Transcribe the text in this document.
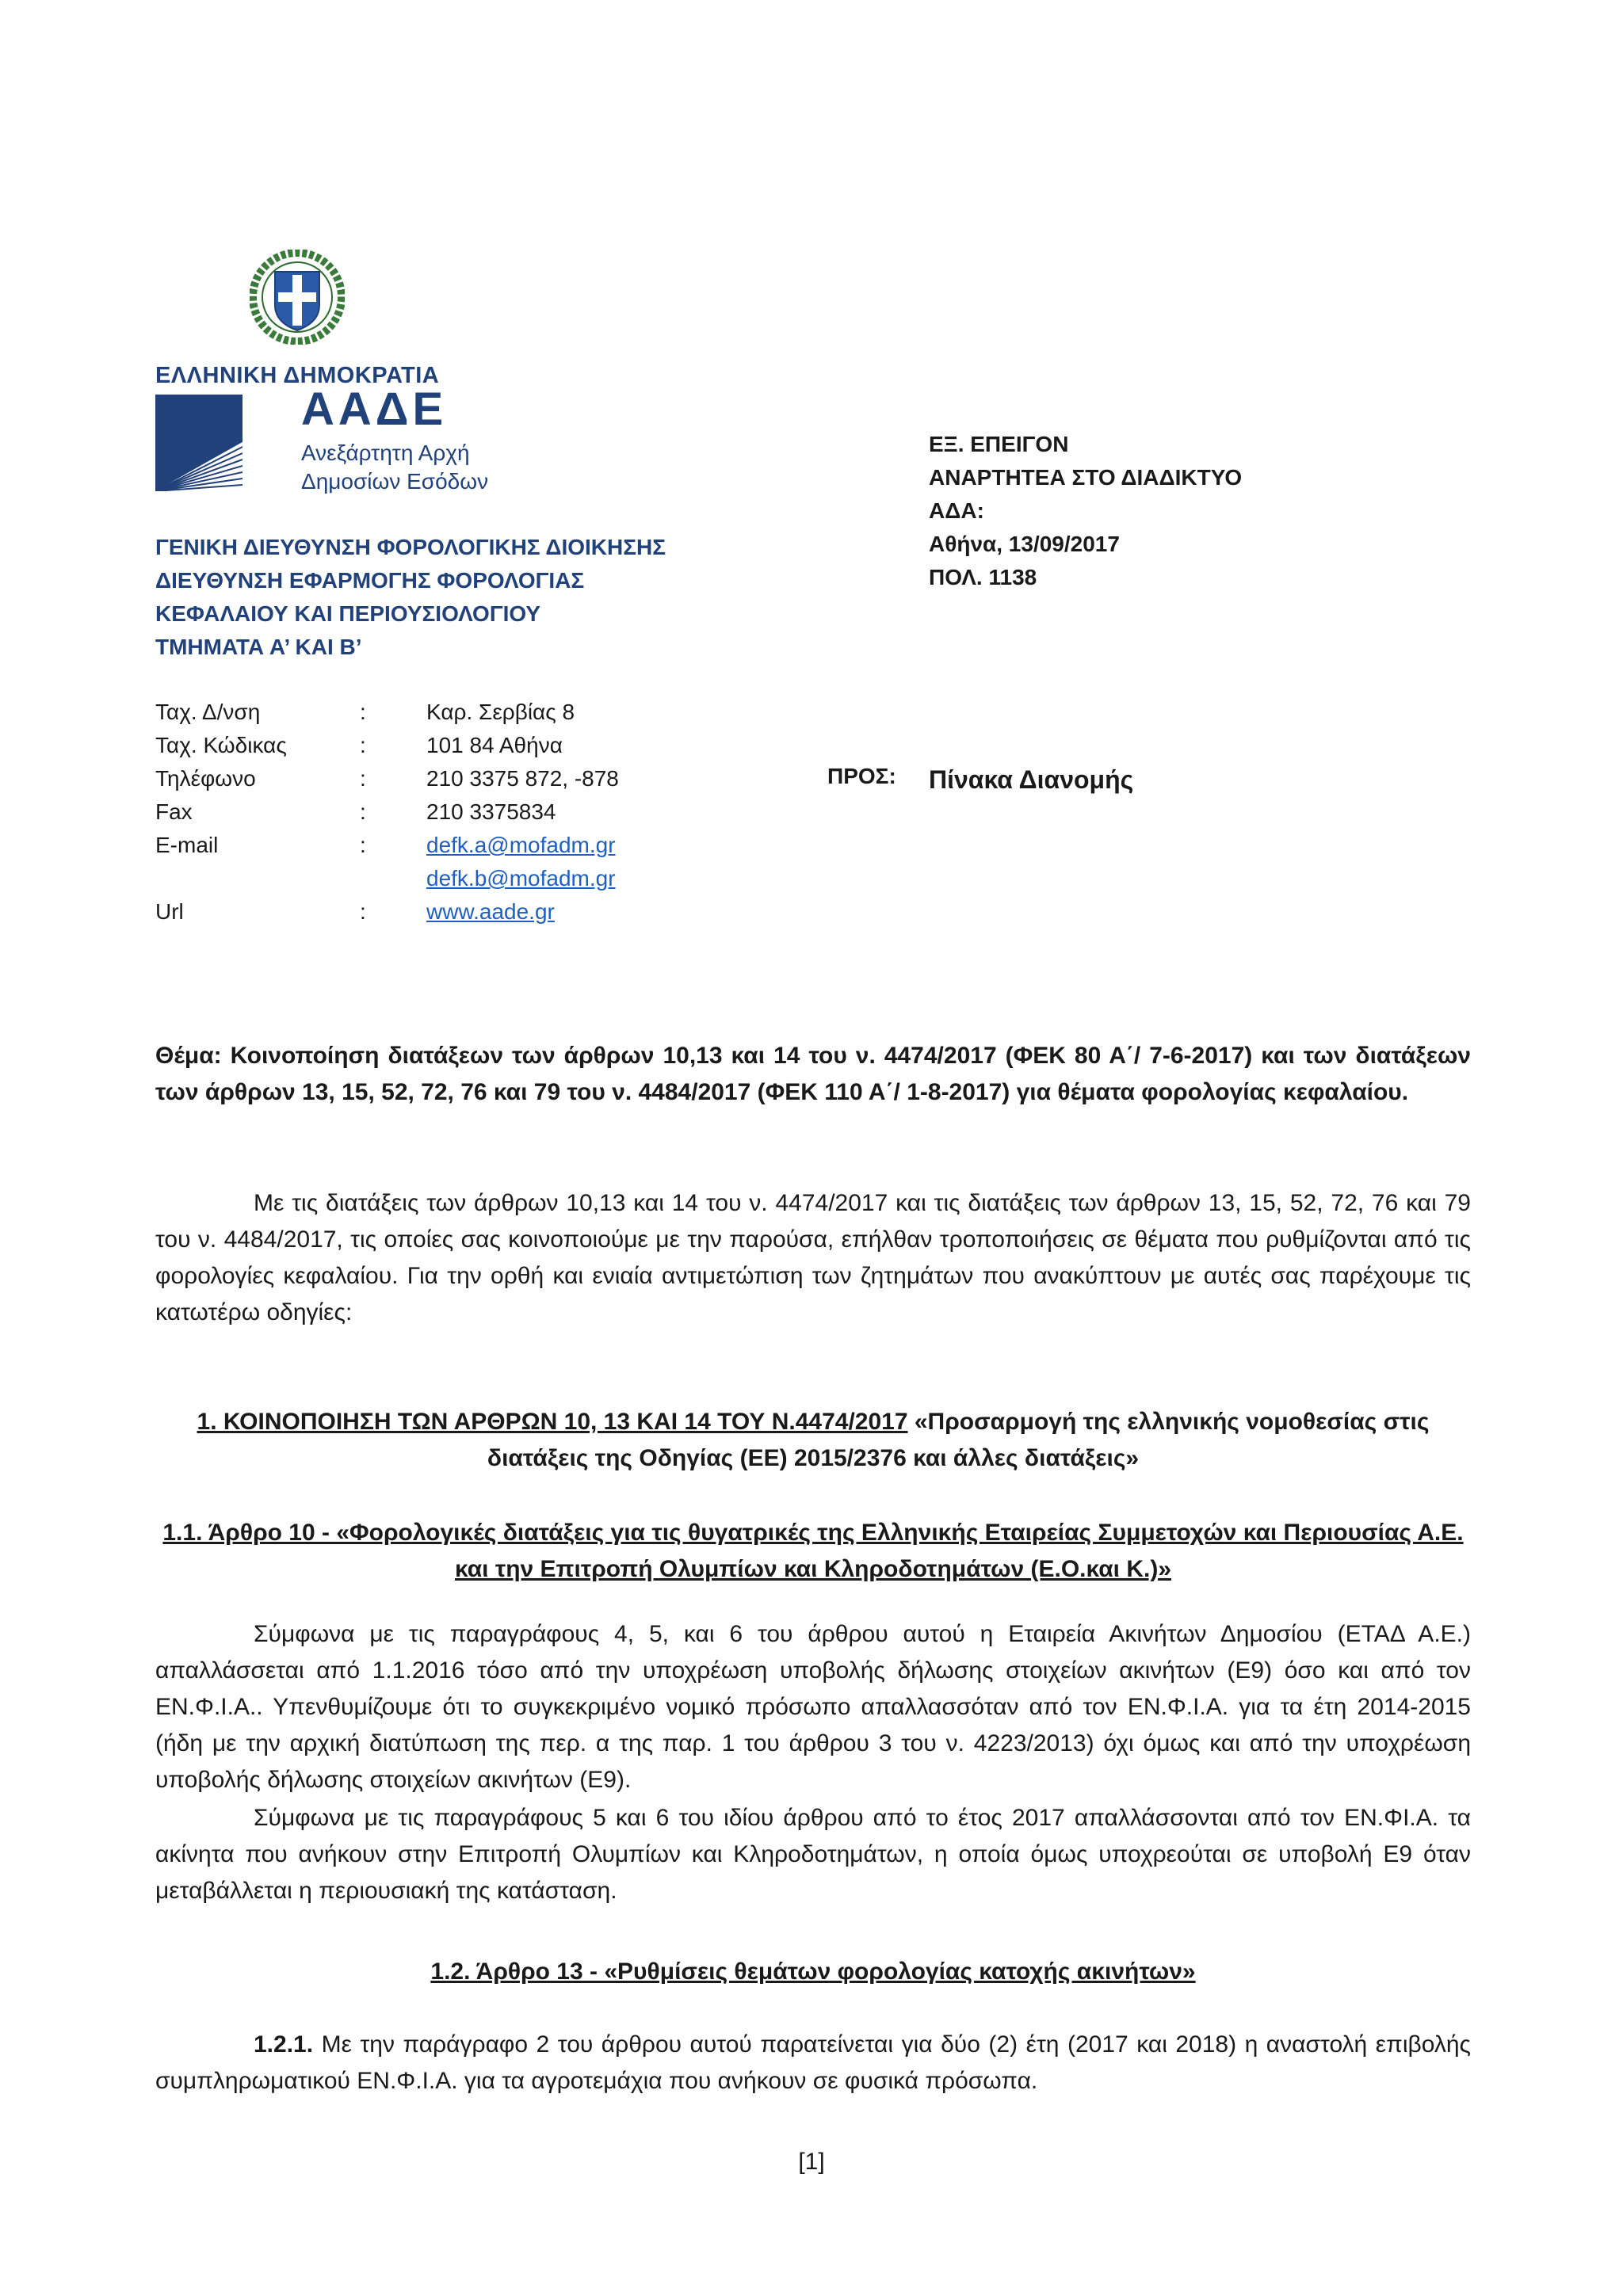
ΕΛΛΗΝΙΚΗ ΔΗΜΟΚΡΑΤΙΑ
ΑΑΔΕ
Ανεξάρτητη Αρχή
Δημοσίων Εσόδων
ΓΕΝΙΚΗ ΔΙΕΥΘΥΝΣΗ ΦΟΡΟΛΟΓΙΚΗΣ ΔΙΟΙΚΗΣΗΣ
ΔΙΕΥΘΥΝΣΗ ΕΦΑΡΜΟΓΗΣ ΦΟΡΟΛΟΓΙΑΣ
ΚΕΦΑΛΑΙΟΥ ΚΑΙ ΠΕΡΙΟΥΣΙΟΛΟΓΙΟΥ
ΤΜΗΜΑΤΑ Α’ ΚΑΙ Β’
ΕΞ. ΕΠΕΙΓΟΝ
ΑΝΑΡΤΗΤΕΑ ΣΤΟ ΔΙΑΔΙΚΤΥΟ
ΑΔΑ:
Αθήνα, 13/09/2017
ΠΟΛ. 1138
Ταχ. Δ/νση	:	Καρ. Σερβίας 8
Ταχ. Κώδικας	:	101 84 Αθήνα
Τηλέφωνο	:	210 3375 872, -878
Fax	:	210 3375834
E-mail	:	defk.a@mofadm.gr
defk.b@mofadm.gr
Url	:	www.aade.gr
ΠΡΟΣ: Πίνακα Διανομής
Θέμα: Κοινοποίηση διατάξεων των άρθρων 10,13 και 14 του ν. 4474/2017 (ΦΕΚ 80 Α΄/ 7-6-2017) και των διατάξεων των άρθρων 13, 15, 52, 72, 76 και 79 του ν. 4484/2017 (ΦΕΚ 110 Α΄/ 1-8-2017) για θέματα φορολογίας κεφαλαίου.
Με τις διατάξεις των άρθρων 10,13 και 14 του ν. 4474/2017 και τις διατάξεις των άρθρων 13, 15, 52, 72, 76 και 79 του ν. 4484/2017, τις οποίες σας κοινοποιούμε με την παρούσα, επήλθαν τροποποιήσεις σε θέματα που ρυθμίζονται από τις φορολογίες κεφαλαίου. Για την ορθή και ενιαία αντιμετώπιση των ζητημάτων που ανακύπτουν με αυτές σας παρέχουμε τις κατωτέρω οδηγίες:
1. ΚΟΙΝΟΠΟΙΗΣΗ ΤΩΝ ΑΡΘΡΩΝ 10, 13 ΚΑΙ 14 ΤΟΥ Ν.4474/2017 «Προσαρμογή της ελληνικής νομοθεσίας στις διατάξεις της Οδηγίας (ΕΕ) 2015/2376 και άλλες διατάξεις»
1.1. Άρθρο 10 - «Φορολογικές διατάξεις για τις θυγατρικές της Ελληνικής Εταιρείας Συμμετοχών και Περιουσίας Α.Ε. και την Επιτροπή Ολυμπίων και Κληροδοτημάτων (Ε.Ο.και Κ.)»
Σύμφωνα με τις παραγράφους 4, 5, και 6 του άρθρου αυτού η Εταιρεία Ακινήτων Δημοσίου (ΕΤΑΔ Α.Ε.) απαλλάσσεται από 1.1.2016 τόσο από την υποχρέωση υποβολής δήλωσης στοιχείων ακινήτων (Ε9) όσο και από τον ΕΝ.Φ.Ι.Α.. Υπενθυμίζουμε ότι το συγκεκριμένο νομικό πρόσωπο απαλλασσόταν από τον ΕΝ.Φ.Ι.Α. για τα έτη 2014-2015 (ήδη με την αρχική διατύπωση της περ. α της παρ. 1 του άρθρου 3 του ν. 4223/2013) όχι όμως και από την υποχρέωση υποβολής δήλωσης στοιχείων ακινήτων (Ε9).
Σύμφωνα με τις παραγράφους 5 και 6 του ιδίου άρθρου από το έτος 2017 απαλλάσσονται από τον ΕΝ.ΦΙ.Α. τα ακίνητα που ανήκουν στην Επιτροπή Ολυμπίων και Κληροδοτημάτων, η οποία όμως υποχρεούται σε υποβολή Ε9 όταν μεταβάλλεται η περιουσιακή της κατάσταση.
1.2. Άρθρο 13 - «Ρυθμίσεις θεμάτων φορολογίας κατοχής ακινήτων»
1.2.1. Με την παράγραφο 2 του άρθρου αυτού παρατείνεται για δύο (2) έτη (2017 και 2018) η αναστολή επιβολής συμπληρωματικού ΕΝ.Φ.Ι.Α. για τα αγροτεμάχια που ανήκουν σε φυσικά πρόσωπα.
[1]
